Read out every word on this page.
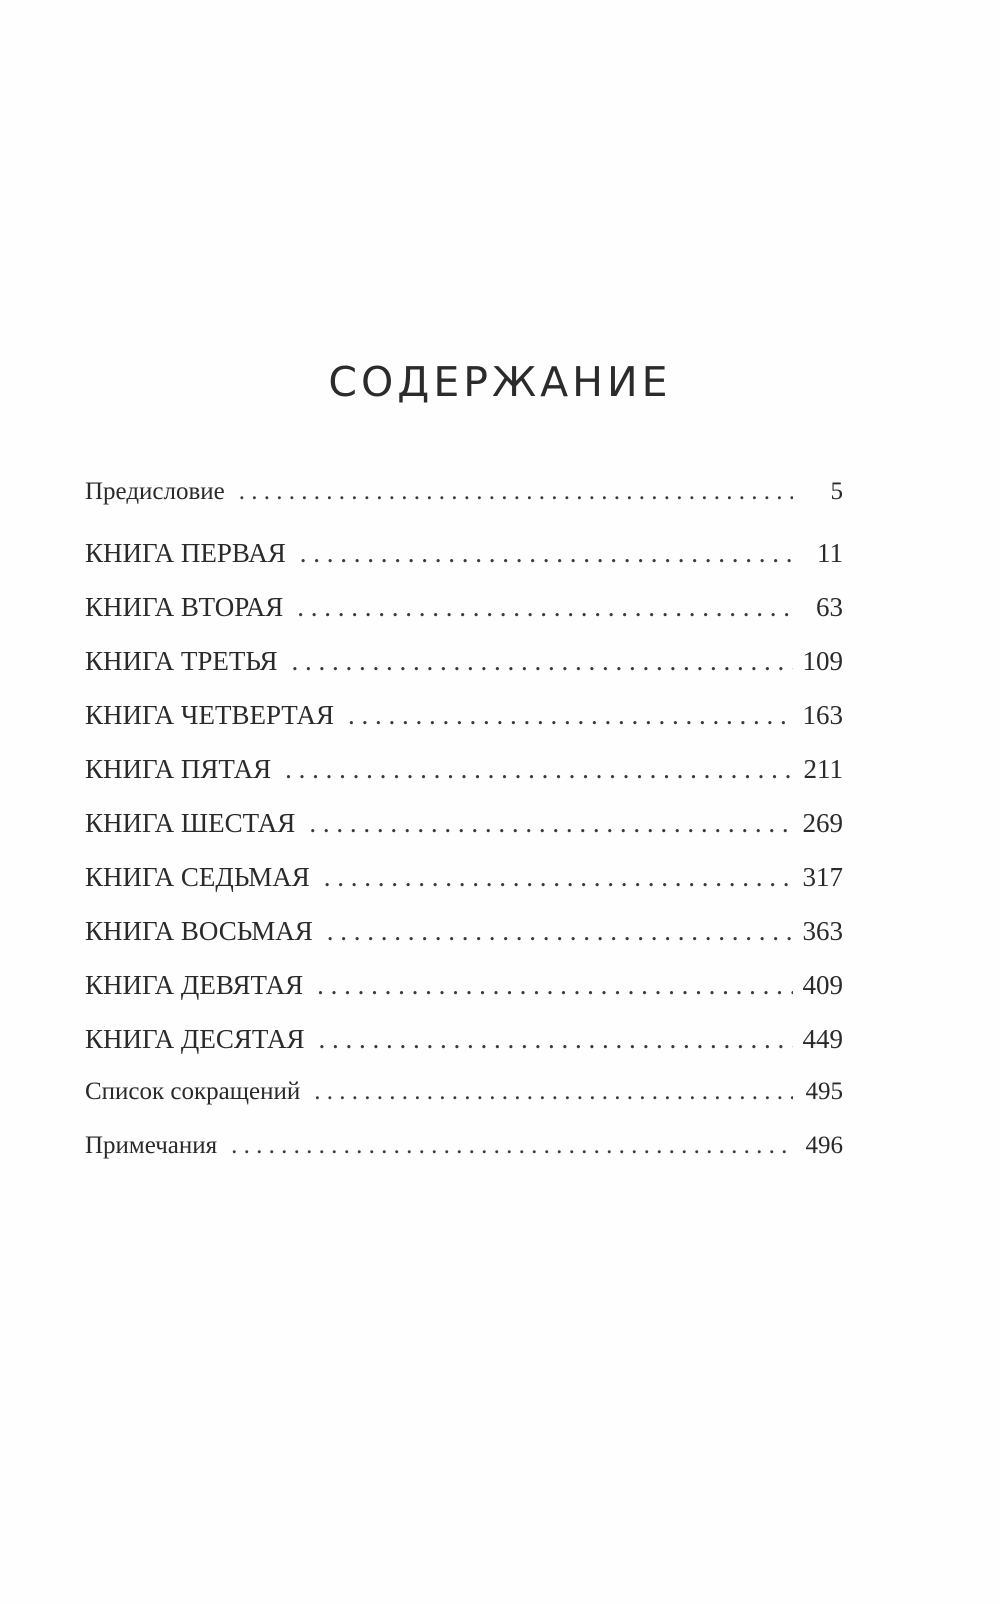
СОДЕРЖАНИЕ
Предисловие . . .	5
КНИГА ПЕРВАЯ . . .	11
КНИГА ВТОРАЯ . . .	63
КНИГА ТРЕТЬЯ . . .	109
КНИГА ЧЕТВЕРТАЯ . . .	163
КНИГА ПЯТАЯ . . .	211
КНИГА ШЕСТАЯ . . .	269
КНИГА СЕДЬМАЯ . . .	317
КНИГА ВОСЬМАЯ . . .	363
КНИГА ДЕВЯТАЯ . . .	409
КНИГА ДЕСЯТАЯ . . .	449
Список сокращений . . .	495
Примечания . . .	496
